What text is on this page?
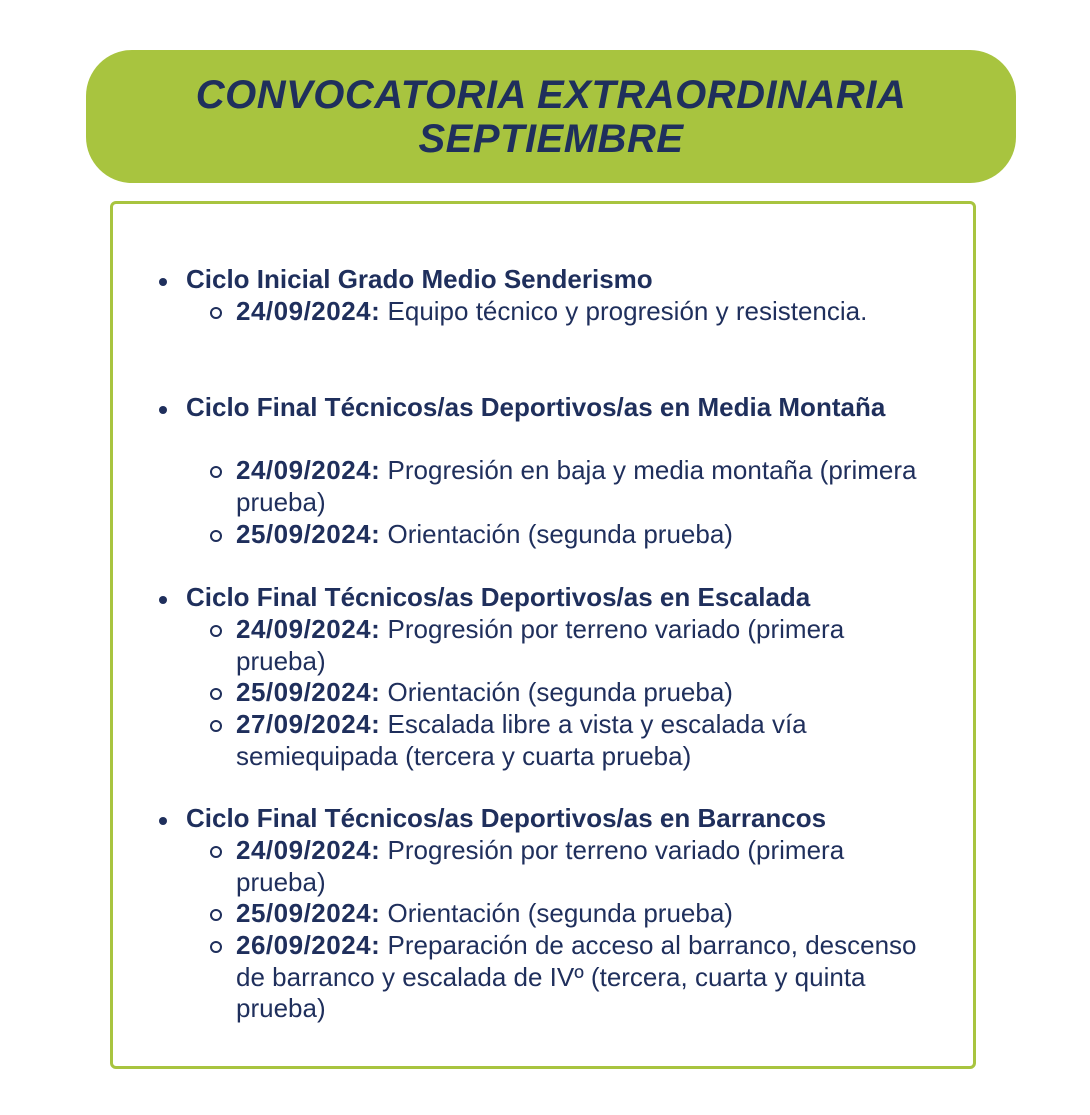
CONVOCATORIA EXTRAORDINARIA
SEPTIEMBRE

Ciclo Inicial Grado Medio Senderismo

24/09/2024: Equipo técnico y progresión y resistencia.

Ciclo Final Técnicos/as Deportivos/as en Media Montaña

24/09/2024: Progresión en baja y media montaña (primera prueba)

25/09/2024: Orientación (segunda prueba)

Ciclo Final Técnicos/as Deportivos/as en Escalada

24/09/2024: Progresión por terreno variado (primera prueba)

25/09/2024: Orientación (segunda prueba)

27/09/2024: Escalada libre a vista y escalada vía semiequipada (tercera y cuarta prueba)

Ciclo Final Técnicos/as Deportivos/as en Barrancos

24/09/2024: Progresión por terreno variado (primera prueba)

25/09/2024: Orientación (segunda prueba)

26/09/2024: Preparación de acceso al barranco, descenso de barranco y escalada de IVº (tercera, cuarta y quinta prueba)
